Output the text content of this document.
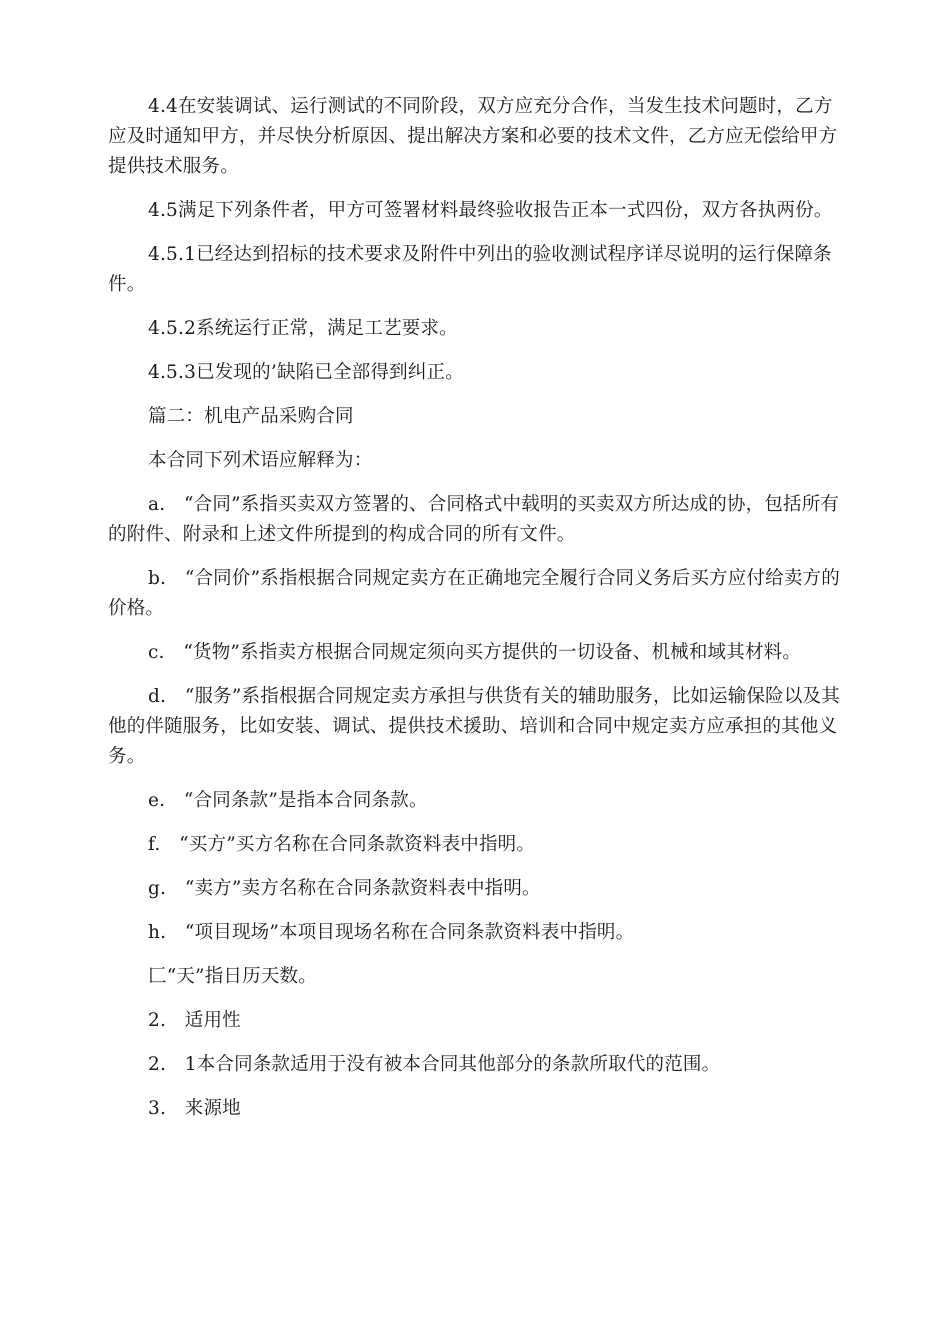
4.4在安装调试、运行测试的不同阶段，双方应充分合作，当发生技术问题时，乙方应及时通知甲方，并尽快分析原因、提出解决方案和必要的技术文件，乙方应无偿给甲方提供技术服务。

4.5满足下列条件者，甲方可签署材料最终验收报告正本一式四份，双方各执两份。

4.5.1已经达到招标的技术要求及附件中列出的验收测试程序详尽说明的运行保障条件。

4.5.2系统运行正常，满足工艺要求。

4.5.3已发现的’缺陷已全部得到纠正。

篇二：机电产品采购合同

本合同下列术语应解释为：

a.　“合同”系指买卖双方签署的、合同格式中载明的买卖双方所达成的协，包括所有的附件、附录和上述文件所提到的构成合同的所有文件。

b.　“合同价”系指根据合同规定卖方在正确地完全履行合同义务后买方应付给卖方的价格。

c.　“货物”系指卖方根据合同规定须向买方提供的一切设备、机械和域其材料。

d.　“服务”系指根据合同规定卖方承担与供货有关的辅助服务，比如运输保险以及其他的伴随服务，比如安装、调试、提供技术援助、培训和合同中规定卖方应承担的其他义务。

e.　“合同条款”是指本合同条款。

f.　“买方”买方名称在合同条款资料表中指明。

g.　“卖方”卖方名称在合同条款资料表中指明。

h.　“项目现场”本项目现场名称在合同条款资料表中指明。

匚“天”指日历天数。

2.　适用性

2.　1本合同条款适用于没有被本合同其他部分的条款所取代的范围。

3.　来源地
